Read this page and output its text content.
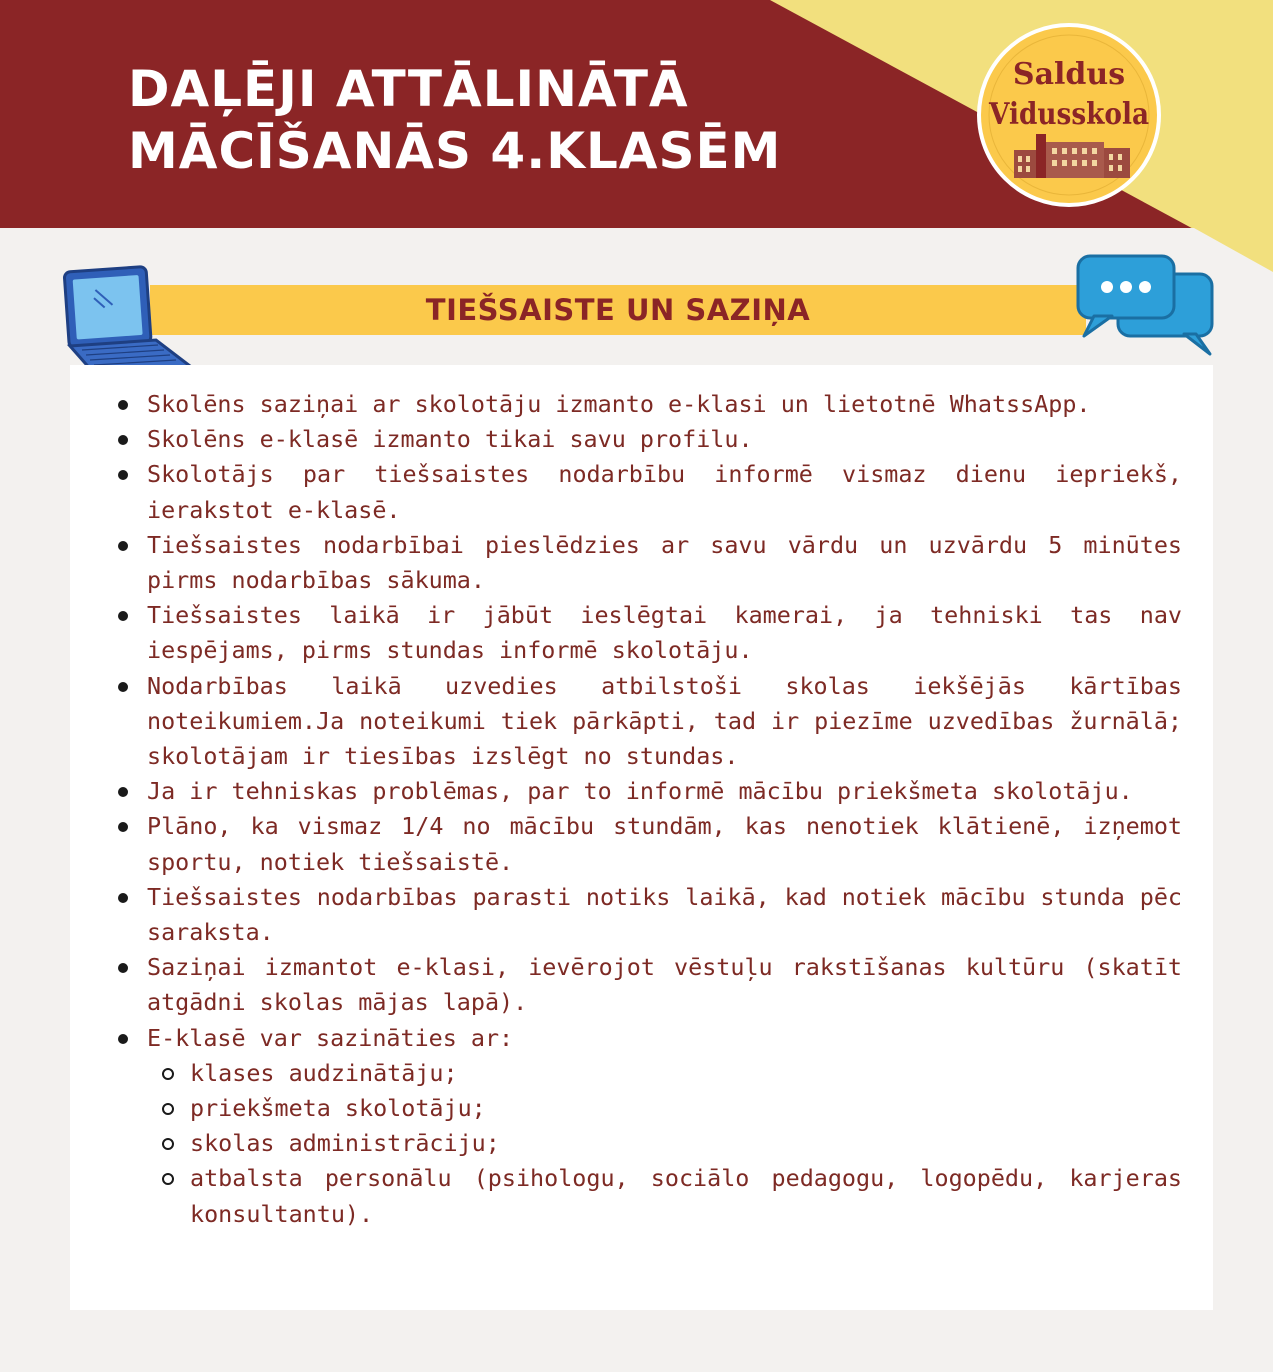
DAĻĒJI ATTĀLINĀTĀ
MĀCĪŠANĀS 4.KLASĒM
Saldus
Vidusskola
TIEŠSAISTE UN SAZIŅA
Skolēns saziņai ar skolotāju izmanto e-klasi un lietotnē WhatssApp.
Skolēns e-klasē izmanto tikai savu profilu.
Skolotājs par tiešsaistes nodarbību informē vismaz dienu iepriekš, ierakstot e-klasē.
Tiešsaistes nodarbībai pieslēdzies ar savu vārdu un uzvārdu 5 minūtes pirms nodarbības sākuma.
Tiešsaistes laikā ir jābūt ieslēgtai kamerai, ja tehniski tas nav iespējams, pirms stundas informē skolotāju.
Nodarbības laikā uzvedies atbilstoši skolas iekšējās kārtības noteikumiem.Ja noteikumi tiek pārkāpti, tad ir piezīme uzvedības žurnālā; skolotājam ir tiesības izslēgt no stundas.
Ja ir tehniskas problēmas, par to informē mācību priekšmeta skolotāju.
Plāno, ka vismaz 1/4 no mācību stundām, kas nenotiek klātienē, izņemot sportu, notiek tiešsaistē.
Tiešsaistes nodarbības parasti notiks laikā, kad notiek mācību stunda pēc saraksta.
Saziņai izmantot e-klasi, ievērojot vēstuļu rakstīšanas kultūru (skatīt atgādni skolas mājas lapā).
E-klasē var sazināties ar:
klases audzinātāju;
priekšmeta skolotāju;
skolas administrāciju;
atbalsta personālu (psihologu, sociālo pedagogu, logopēdu, karjeras konsultantu).
